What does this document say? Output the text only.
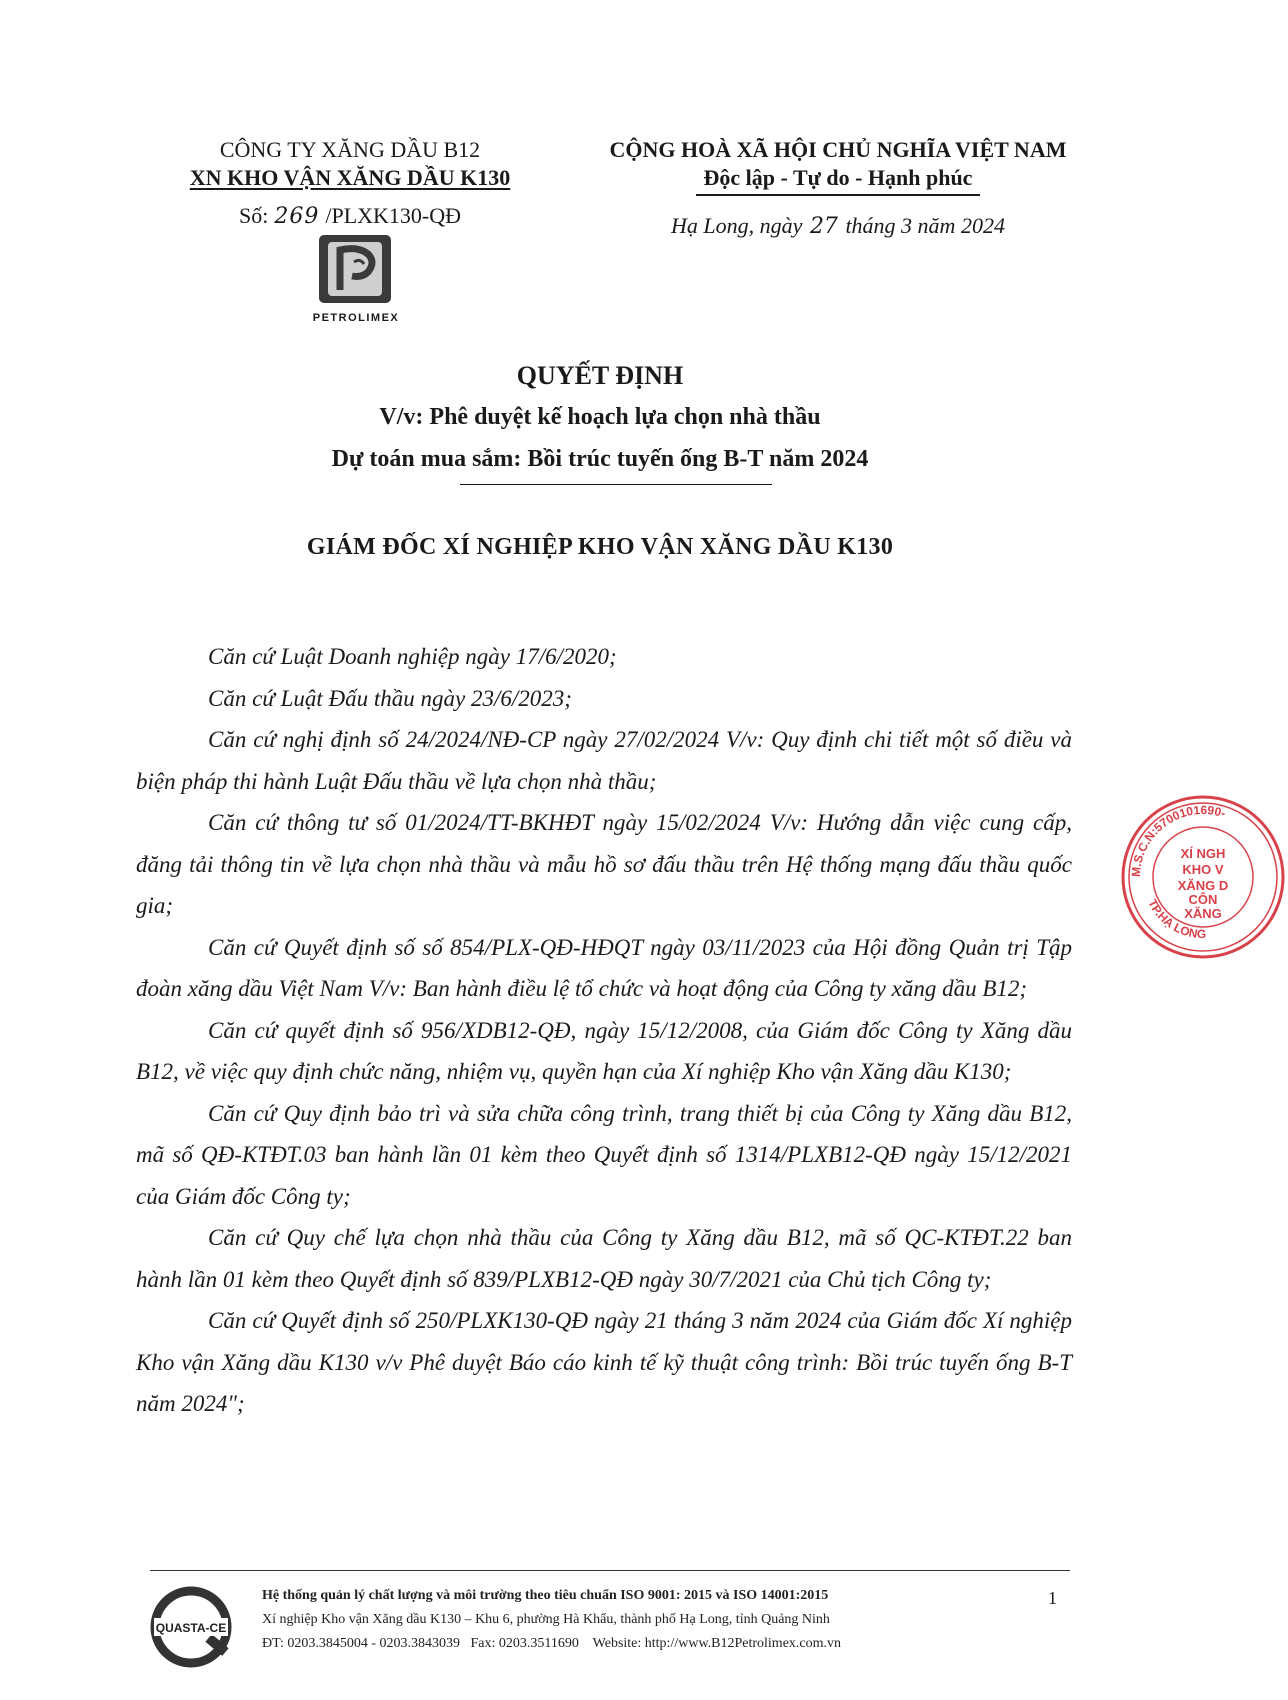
CÔNG TY XĂNG DẦU B12
XN KHO VẬN XĂNG DẦU K130
Số: 269 /PLXK130-QĐ
PETROLIMEX
CỘNG HOÀ XÃ HỘI CHỦ NGHĨA VIỆT NAM
Độc lập - Tự do - Hạnh phúc
Hạ Long, ngày 27 tháng 3 năm 2024
QUYẾT ĐỊNH
V/v: Phê duyệt kế hoạch lựa chọn nhà thầu
Dự toán mua sắm: Bồi trúc tuyến ống B-T năm 2024
GIÁM ĐỐC XÍ NGHIỆP KHO VẬN XĂNG DẦU K130

Căn cứ Luật Doanh nghiệp ngày 17/6/2020;

Căn cứ Luật Đấu thầu ngày 23/6/2023;

Căn cứ nghị định số 24/2024/NĐ-CP ngày 27/02/2024 V/v: Quy định chi tiết một số điều và biện pháp thi hành Luật Đấu thầu về lựa chọn nhà thầu;

Căn cứ thông tư số 01/2024/TT-BKHĐT ngày 15/02/2024 V/v: Hướng dẫn việc cung cấp, đăng tải thông tin về lựa chọn nhà thầu và mẫu hồ sơ đấu thầu trên Hệ thống mạng đấu thầu quốc gia;

Căn cứ Quyết định số số 854/PLX-QĐ-HĐQT ngày 03/11/2023 của Hội đồng Quản trị Tập đoàn xăng dầu Việt Nam V/v: Ban hành điều lệ tổ chức và hoạt động của Công ty xăng dầu B12;

Căn cứ quyết định số 956/XDB12-QĐ, ngày 15/12/2008, của Giám đốc Công ty Xăng dầu B12, về việc quy định chức năng, nhiệm vụ, quyền hạn của Xí nghiệp Kho vận Xăng dầu K130;

Căn cứ Quy định bảo trì và sửa chữa công trình, trang thiết bị của Công ty Xăng dầu B12, mã số QĐ-KTĐT.03 ban hành lần 01 kèm theo Quyết định số 1314/PLXB12-QĐ ngày 15/12/2021 của Giám đốc Công ty;

Căn cứ Quy chế lựa chọn nhà thầu của Công ty Xăng dầu B12, mã số QC-KTĐT.22 ban hành lần 01 kèm theo Quyết định số 839/PLXB12-QĐ ngày 30/7/2021 của Chủ tịch Công ty;

Căn cứ Quyết định số 250/PLXK130-QĐ ngày 21 tháng 3 năm 2024 của Giám đốc Xí nghiệp Kho vận Xăng dầu K130 v/v Phê duyệt Báo cáo kinh tế kỹ thuật công trình: Bồi trúc tuyến ống B-T năm 2024";

M.S.C.N:5700101690-
TP.HẠ LONG
XÍ NGH
KHO V
XĂNG D
CÔN
XĂNG
QUASTA-CE
Hệ thống quản lý chất lượng và môi trường theo tiêu chuẩn ISO 9001: 2015 và ISO 14001:2015
Xí nghiệp Kho vận Xăng dầu K130 – Khu 6, phường Hà Khẩu, thành phố Hạ Long, tỉnh Quảng Ninh
ĐT: 0203.3845004 - 0203.3843039   Fax: 0203.3511690    Website: http://www.B12Petrolimex.com.vn
1
